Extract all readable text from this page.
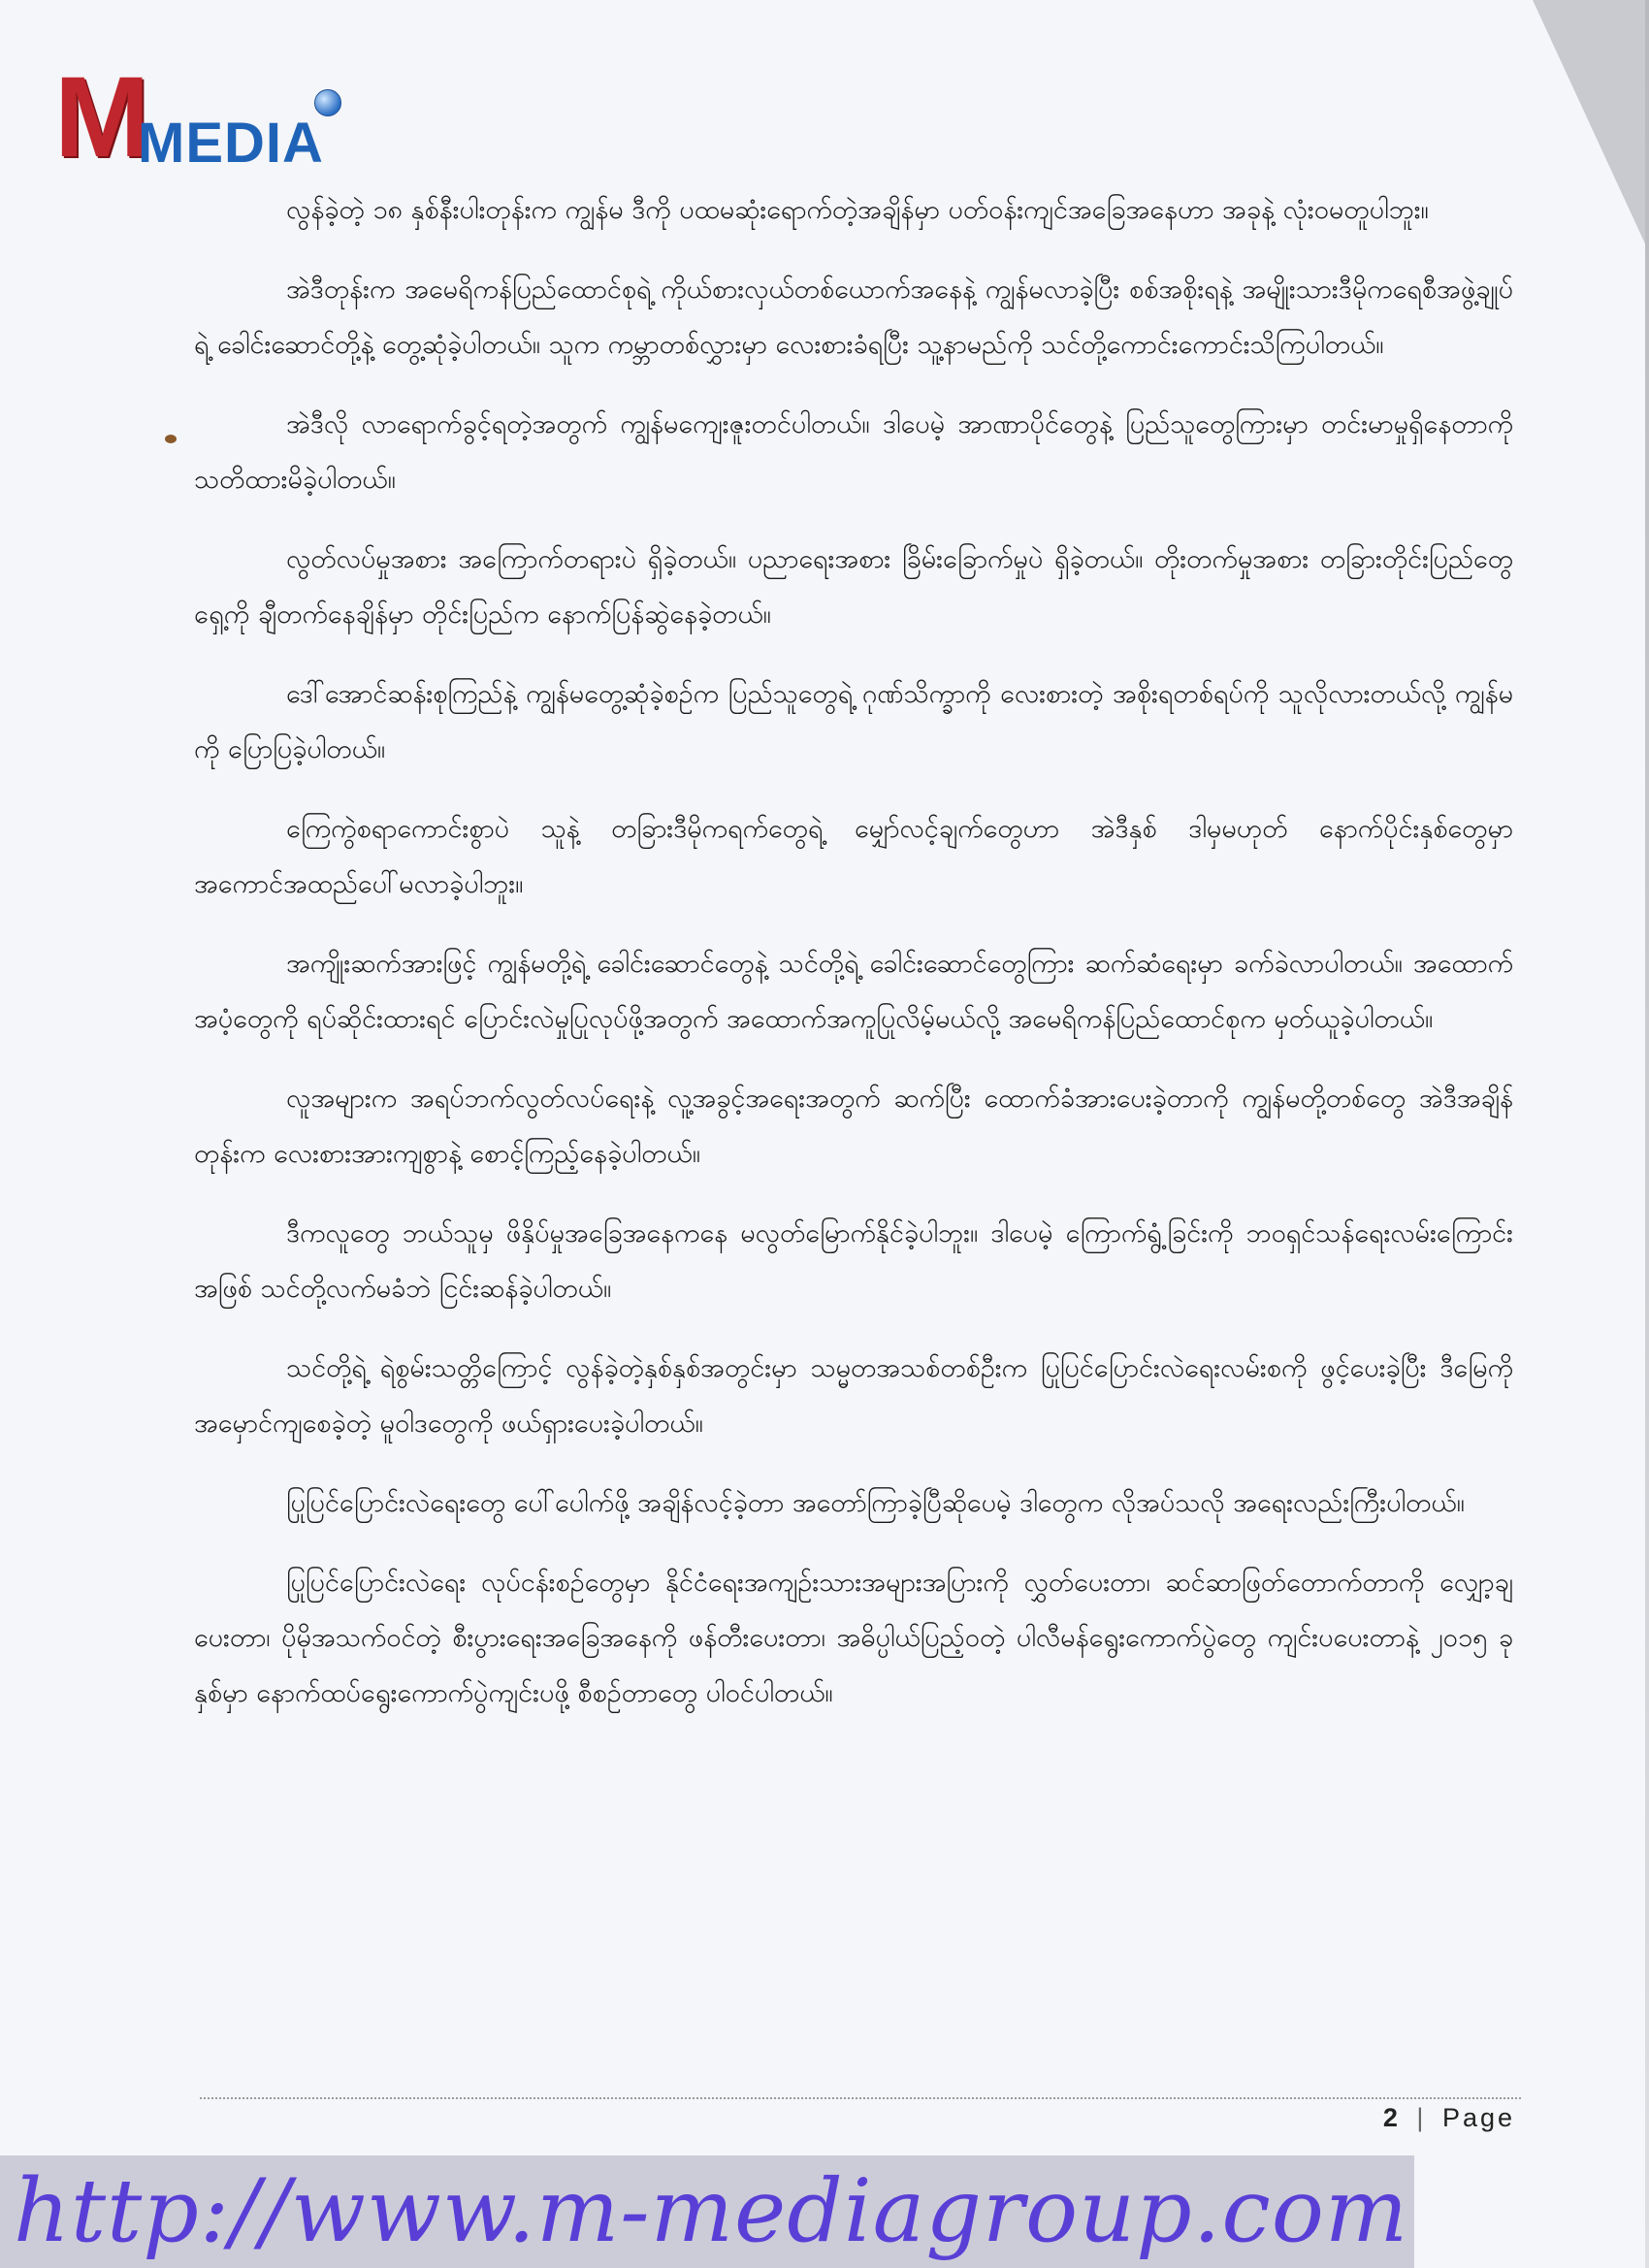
M
MEDIA

လွန်ခဲ့တဲ့ ၁၈ နှစ်နီးပါးတုန်းက ကျွန်မ ဒီကို ပထမဆုံးရောက်တဲ့အချိန်မှာ ပတ်ဝန်းကျင်အခြေအနေဟာ အခုနဲ့ လုံးဝမတူပါဘူး။

အဲဒီတုန်းက အမေရိကန်ပြည်ထောင်စုရဲ့ ကိုယ်စားလှယ်တစ်ယောက်အနေနဲ့ ကျွန်မလာခဲ့ပြီး စစ်အစိုးရနဲ့ အမျိုးသားဒီမိုကရေစီအဖွဲ့ချုပ်ရဲ့ ခေါင်းဆောင်တို့နဲ့ တွေ့ဆုံခဲ့ပါတယ်။ သူက ကမ္ဘာတစ်လွှားမှာ လေးစားခံရပြီး သူ့နာမည်ကို သင်တို့ကောင်းကောင်းသိကြပါတယ်။

အဲဒီလို လာရောက်ခွင့်ရတဲ့အတွက် ကျွန်မကျေးဇူးတင်ပါတယ်။ ဒါပေမဲ့ အာဏာပိုင်တွေနဲ့ ပြည်သူတွေကြားမှာ တင်းမာမှုရှိနေတာကို သတိထားမိခဲ့ပါတယ်။

လွတ်လပ်မှုအစား အကြောက်တရားပဲ ရှိခဲ့တယ်။ ပညာရေးအစား ခြိမ်းခြောက်မှုပဲ ရှိခဲ့တယ်။ တိုးတက်မှုအစား တခြားတိုင်းပြည်တွေ ရှေ့ကို ချီတက်နေချိန်မှာ တိုင်းပြည်က နောက်ပြန်ဆွဲနေခဲ့တယ်။

ဒေါ်အောင်ဆန်းစုကြည်နဲ့ ကျွန်မတွေ့ဆုံခဲ့စဉ်က ပြည်သူတွေရဲ့ ဂုဏ်သိက္ခာကို လေးစားတဲ့ အစိုးရတစ်ရပ်ကို သူလိုလားတယ်လို့ ကျွန်မကို ပြောပြခဲ့ပါတယ်။

ကြေကွဲစရာကောင်းစွာပဲ သူနဲ့ တခြားဒီမိုကရက်တွေရဲ့ မျှော်လင့်ချက်တွေဟာ အဲဒီနှစ် ဒါမှမဟုတ် နောက်ပိုင်းနှစ်တွေမှာ အကောင်အထည်ပေါ်မလာခဲ့ပါဘူး။

အကျိုးဆက်အားဖြင့် ကျွန်မတို့ရဲ့ ခေါင်းဆောင်တွေနဲ့ သင်တို့ရဲ့ ခေါင်းဆောင်တွေကြား ဆက်ဆံရေးမှာ ခက်ခဲလာပါတယ်။ အထောက်အပံ့တွေကို ရပ်ဆိုင်းထားရင် ပြောင်းလဲမှုပြုလုပ်ဖို့အတွက် အထောက်အကူပြုလိမ့်မယ်လို့ အမေရိကန်ပြည်ထောင်စုက မှတ်ယူခဲ့ပါတယ်။

လူအများက အရပ်ဘက်လွတ်လပ်ရေးနဲ့ လူ့အခွင့်အရေးအတွက် ဆက်ပြီး ထောက်ခံအားပေးခဲ့တာကို ကျွန်မတို့တစ်တွေ အဲဒီအချိန်တုန်းက လေးစားအားကျစွာနဲ့ စောင့်ကြည့်နေခဲ့ပါတယ်။

ဒီကလူတွေ ဘယ်သူမှ ဖိနှိပ်မှုအခြေအနေကနေ မလွတ်မြောက်နိုင်ခဲ့ပါဘူး။ ဒါပေမဲ့ ကြောက်ရွံ့ခြင်းကို ဘဝရှင်သန်ရေးလမ်းကြောင်းအဖြစ် သင်တို့လက်မခံဘဲ ငြင်းဆန်ခဲ့ပါတယ်။

သင်တို့ရဲ့ ရဲစွမ်းသတ္တိကြောင့် လွန်ခဲ့တဲ့နှစ်နှစ်အတွင်းမှာ သမ္မတအသစ်တစ်ဦးက ပြုပြင်ပြောင်းလဲရေးလမ်းစကို ဖွင့်ပေးခဲ့ပြီး ဒီမြေကို အမှောင်ကျစေခဲ့တဲ့ မူဝါဒတွေကို ဖယ်ရှားပေးခဲ့ပါတယ်။

ပြုပြင်ပြောင်းလဲရေးတွေ ပေါ်ပေါက်ဖို့ အချိန်လင့်ခဲ့တာ အတော်ကြာခဲ့ပြီဆိုပေမဲ့ ဒါတွေက လိုအပ်သလို အရေးလည်းကြီးပါတယ်။

ပြုပြင်ပြောင်းလဲရေး လုပ်ငန်းစဉ်တွေမှာ နိုင်ငံရေးအကျဉ်းသားအများအပြားကို လွှတ်ပေးတာ၊ ဆင်ဆာဖြတ်တောက်တာကို လျှော့ချပေးတာ၊ ပိုမိုအသက်ဝင်တဲ့ စီးပွားရေးအခြေအနေကို ဖန်တီးပေးတာ၊ အဓိပ္ပါယ်ပြည့်ဝတဲ့ ပါလီမန်ရွေးကောက်ပွဲတွေ ကျင်းပပေးတာနဲ့ ၂၀၁၅ ခုနှစ်မှာ နောက်ထပ်ရွေးကောက်ပွဲကျင်းပဖို့ စီစဉ်တာတွေ ပါဝင်ပါတယ်။

2 | Page
http://www.m-mediagroup.com
